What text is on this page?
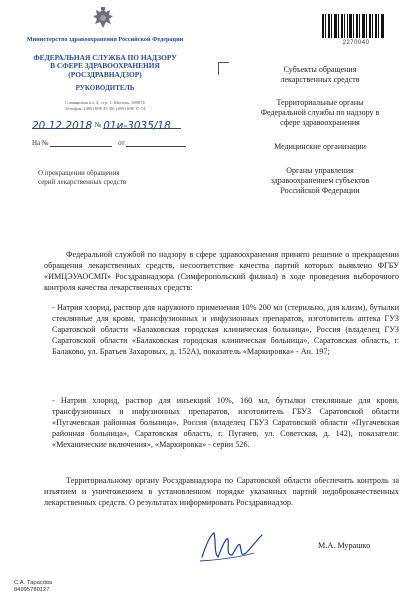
Министерство здравоохранения Российской Федерации
ФЕДЕРАЛЬНАЯ СЛУЖБА ПО НАДЗОРУ
В СФЕРЕ ЗДРАВООХРАНЕНИЯ
(РОСЗДРАВНАДЗОР)
РУКОВОДИТЕЛЬ
Славянская пл. 4, стр. 1, Москва, 109074
Телефон: (495) 698 45 38; (495) 698 15 74
20.12.2018 № 01и-3035/18
На №	от
О прекращении обращения
серий лекарственных средств
2270040
Субъекты обращения
лекарственных средств
Территориальные органы
Федеральной службы по надзору в
сфере здравоохранения
Медицинские организации
Органы управления
здравоохранением субъектов
Российской Федерации
Федеральной службой по надзору в сфере здравоохранения принято решение о прекращении обращения лекарственных средств, несоответствие качества партий которых выявлено ФГБУ «ИМЦЭУАОСМП» Росздравнадзора (Симферопольский филиал) в ходе проведения выборочного контроля качества лекарственных средств:
- Натрия хлорид, раствор для наружного применения 10% 200 мл (стерильно, для клизм), бутылки стеклянные для крови, трансфузионных и инфузионных препаратов, изготовитель аптека ГУЗ Саратовской области «Балаковская городская клиническая больница», Россия (владелец ГУЗ Саратовской области «Балаковская городская клиническая больница», Саратовская область, г. Балаково, ул. Братьев Захаровых, д. 152А), показатель «Маркировка» - Ан. 197;
- Натрия хлорид, раствор для инъекций 10%, 160 мл, бутылки стеклянные для крови, трансфузионных и инфузионных препаратов, изготовитель ГБУЗ Саратовской области «Пугачевская районная больница», Россия (владелец ГБУЗ Саратовской области «Пугачевская районная больница», Саратовская область, г. Пугачев, ул. Советская, д. 142), показатели: «Механические включения», «Маркировка» - серии 526.
Территориальному органу Росздравнадзора по Саратовской области обеспечить контроль за изъятием и уничтожением в установленном порядке указанных партий недоброкачественных лекарственных средств. О результатах информировать Росздравнадзор.
М.А. Мурашко
С.А. Тарасова
84995780127
